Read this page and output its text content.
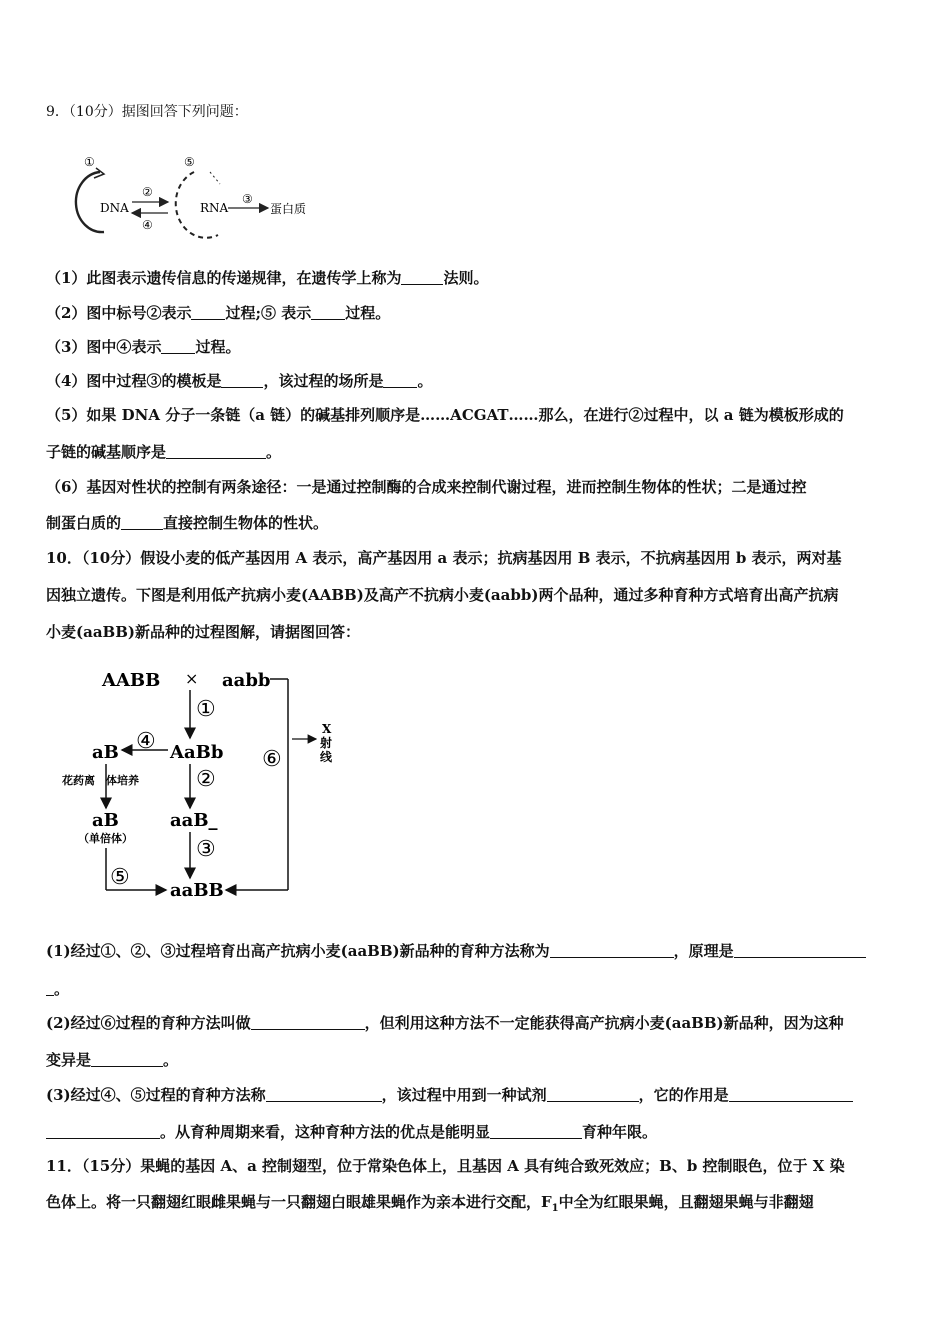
9．（10分）据图回答下列问题：
①
DNA
②
④
⑤
RNA
③
蛋白质
（1）此图表示遗传信息的传递规律，在遗传学上称为	法则。
（2）图中标号②表示 过程;⑤ 表示 过程。
（3）图中④表示 过程。
（4）图中过程③的模板是	，该过程的场所是 。
（5）如果 DNA 分子一条链（a 链）的碱基排列顺序是……ACGAT……那么，在进行②过程中，以 a 链为模板形成的
子链的碱基顺序是	。
（6）基因对性状的控制有两条途径：一是通过控制酶的合成来控制代谢过程，进而控制生物体的性状；二是通过控
制蛋白质的	直接控制生物体的性状。
10．（10分）假设小麦的低产基因用 A 表示，高产基因用 a 表示；抗病基因用 B 表示，不抗病基因用 b 表示，两对基
因独立遗传。下图是利用低产抗病小麦(AABB)及高产不抗病小麦(aabb)两个品种，通过多种育种方式培育出高产抗病
小麦(aaBB)新品种的过程图解，请据图回答：
AABB × aabb
⑥
X
射
线
①
AaBb
④
aB
花药离　体培养
aB
（单倍体）
⑤
②
aaB_
③
aaBB
(1)经过①、②、③过程培育出高产抗病小麦(aaBB)新品种的育种方法称为	，原理是
。
(2)经过⑥过程的育种方法叫做	，但利用这种方法不一定能获得高产抗病小麦(aaBB)新品种，因为这种
变异是	。
(3)经过④、⑤过程的育种方法称	，该过程中用到一种试剂	，它的作用是
。从育种周期来看，这种育种方法的优点是能明显	育种年限。
11．（15分）果蝇的基因 A、a 控制翅型，位于常染色体上，且基因 A 具有纯合致死效应；B、b 控制眼色，位于 X 染
色体上。将一只翻翅红眼雌果蝇与一只翻翅白眼雄果蝇作为亲本进行交配，$F_1$中全为红眼果蝇，且翻翅果蝇与非翻翅
